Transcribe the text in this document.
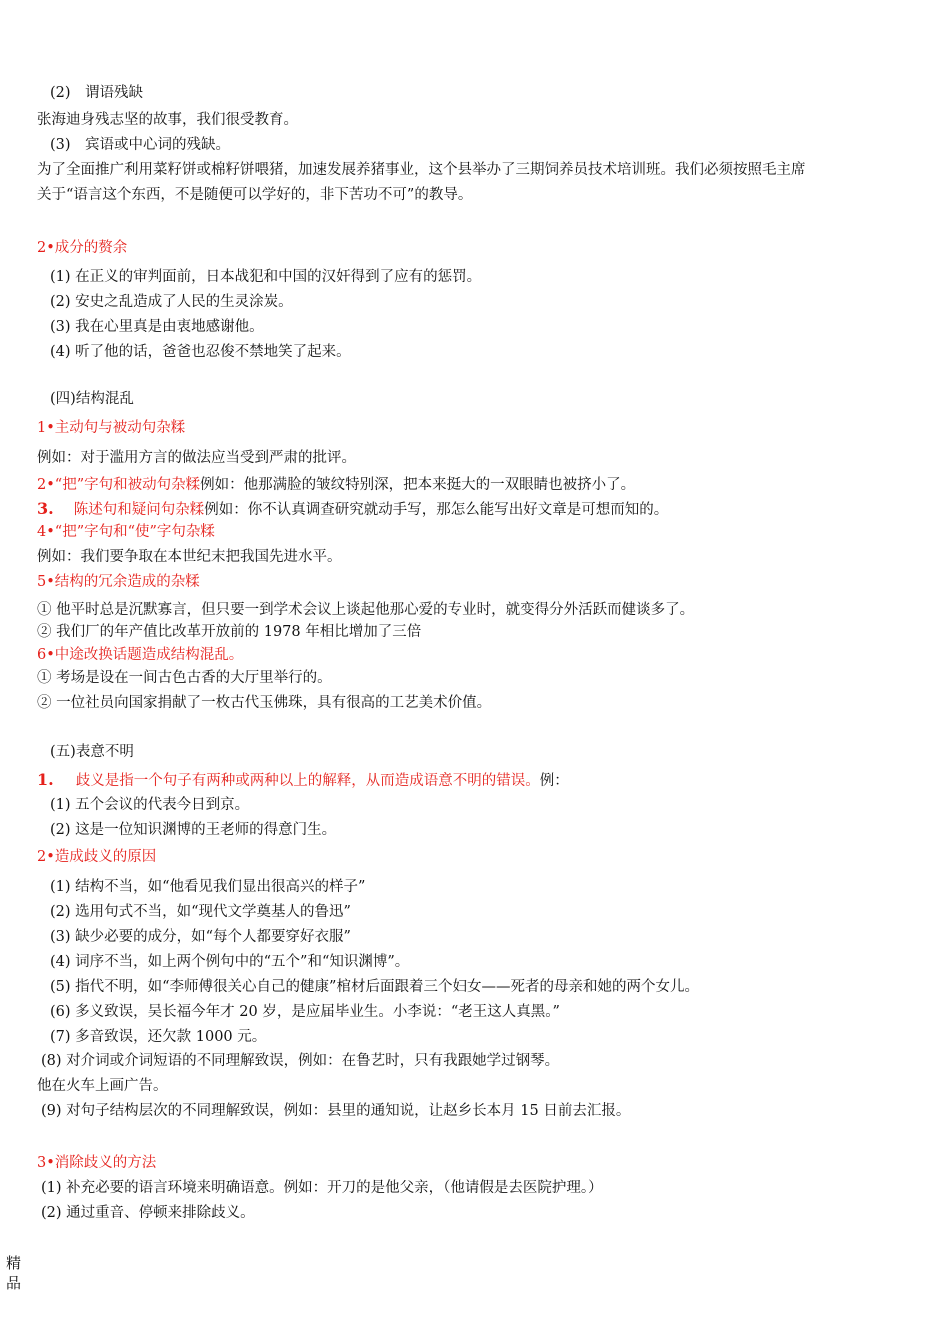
(2)　谓语残缺
张海迪身残志坚的故事，我们很受教育。
(3)　宾语或中心词的残缺。
为了全面推广利用菜籽饼或棉籽饼喂猪，加速发展养猪事业，这个县举办了三期饲养员技术培训班。我们必须按照毛主席
关于“语言这个东西，不是随便可以学好的，非下苦功不可”的教导。
2•成分的赘余
(1) 在正义的审判面前，日本战犯和中国的汉奸得到了应有的惩罚。
(2) 安史之乱造成了人民的生灵涂炭。
(3) 我在心里真是由衷地感谢他。
(4) 听了他的话，爸爸也忍俊不禁地笑了起来。
(四)结构混乱
1•主动句与被动句杂糅
例如：对于滥用方言的做法应当受到严肃的批评。
2•“把”字句和被动句杂糅例如：他那满脸的皱纹特别深，把本来挺大的一双眼睛也被挤小了。
3. 陈述句和疑问句杂糅例如：你不认真调查研究就动手写，那怎么能写出好文章是可想而知的。
4•“把”字句和“使”字句杂糅
例如：我们要争取在本世纪末把我国先进水平。
5•结构的冗余造成的杂糅
① 他平时总是沉默寡言，但只要一到学术会议上谈起他那心爱的专业时，就变得分外活跃而健谈多了。
② 我们厂的年产值比改革开放前的 1978 年相比增加了三倍
6•中途改换话题造成结构混乱。
① 考场是设在一间古色古香的大厅里举行的。
② 一位社员向国家捐献了一枚古代玉佛珠，具有很高的工艺美术价值。
(五)表意不明
1. 歧义是指一个句子有两种或两种以上的解释，从而造成语意不明的错误。例：
(1) 五个会议的代表今日到京。
(2) 这是一位知识渊博的王老师的得意门生。
2•造成歧义的原因
(1) 结构不当，如“他看见我们显出很高兴的样子”
(2) 选用句式不当，如“现代文学奠基人的鲁迅”
(3) 缺少必要的成分，如“每个人都要穿好衣服”
(4) 词序不当，如上两个例句中的“五个”和“知识渊博”。
(5) 指代不明，如“李师傅很关心自己的健康”棺材后面跟着三个妇女——死者的母亲和她的两个女儿。
(6) 多义致误，吴长福今年才 20 岁，是应届毕业生。小李说：“老王这人真黑。”
(7) 多音致误，还欠款 1000 元。
(8) 对介词或介词短语的不同理解致误，例如：在鲁艺时，只有我跟她学过钢琴。
他在火车上画广告。
(9) 对句子结构层次的不同理解致误，例如：县里的通知说，让赵乡长本月 15 日前去汇报。
3•消除歧义的方法
(1) 补充必要的语言环境来明确语意。例如：开刀的是他父亲，（他请假是去医院护理。）
(2) 通过重音、停顿来排除歧义。
精品
